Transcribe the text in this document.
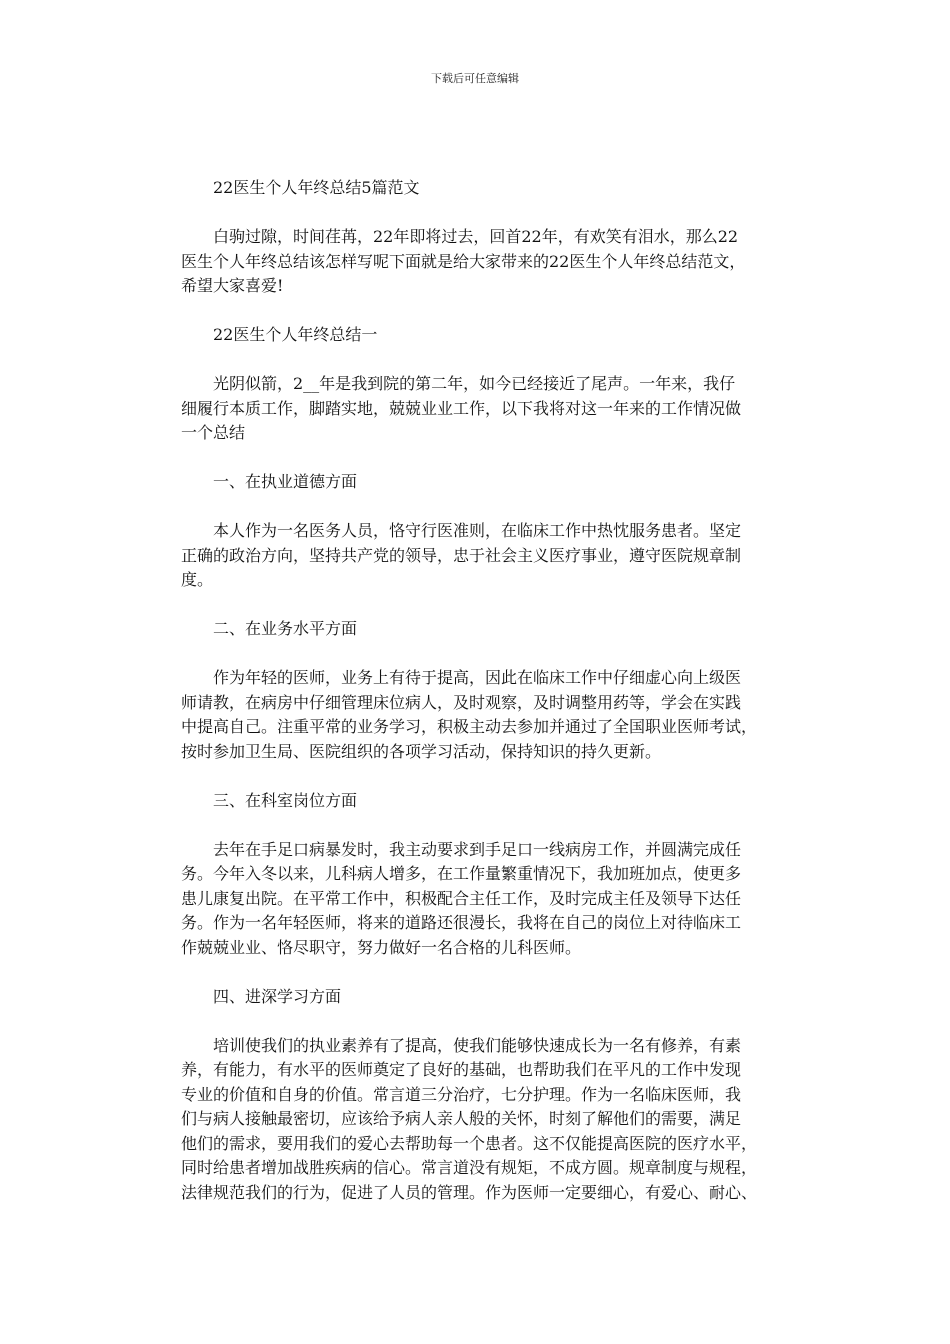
下载后可任意编辑
22医生个人年终总结5篇范文
白驹过隙，时间荏苒，22年即将过去，回首22年，有欢笑有泪水，那么22
医生个人年终总结该怎样写呢下面就是给大家带来的22医生个人年终总结范文，
希望大家喜爱!
22医生个人年终总结一
光阴似箭，2__年是我到院的第二年，如今已经接近了尾声。一年来，我仔
细履行本质工作，脚踏实地，兢兢业业工作，以下我将对这一年来的工作情况做
一个总结
一、在执业道德方面
本人作为一名医务人员，恪守行医准则，在临床工作中热忱服务患者。坚定
正确的政治方向，坚持共产党的领导，忠于社会主义医疗事业，遵守医院规章制
度。
二、在业务水平方面
作为年轻的医师，业务上有待于提高，因此在临床工作中仔细虚心向上级医
师请教，在病房中仔细管理床位病人，及时观察，及时调整用药等，学会在实践
中提高自己。注重平常的业务学习，积极主动去参加并通过了全国职业医师考试，
按时参加卫生局、医院组织的各项学习活动，保持知识的持久更新。
三、在科室岗位方面
去年在手足口病暴发时，我主动要求到手足口一线病房工作，并圆满完成任
务。今年入冬以来，儿科病人增多，在工作量繁重情况下，我加班加点，使更多
患儿康复出院。在平常工作中，积极配合主任工作，及时完成主任及领导下达任
务。作为一名年轻医师，将来的道路还很漫长，我将在自己的岗位上对待临床工
作兢兢业业、恪尽职守，努力做好一名合格的儿科医师。
四、进深学习方面
培训使我们的执业素养有了提高，使我们能够快速成长为一名有修养，有素
养，有能力，有水平的医师奠定了良好的基础，也帮助我们在平凡的工作中发现
专业的价值和自身的价值。常言道三分治疗，七分护理。作为一名临床医师，我
们与病人接触最密切，应该给予病人亲人般的关怀，时刻了解他们的需要，满足
他们的需求，要用我们的爱心去帮助每一个患者。这不仅能提高医院的医疗水平，
同时给患者增加战胜疾病的信心。常言道没有规矩，不成方圆。规章制度与规程，
法律规范我们的行为，促进了人员的管理。作为医师一定要细心，有爱心、耐心、
